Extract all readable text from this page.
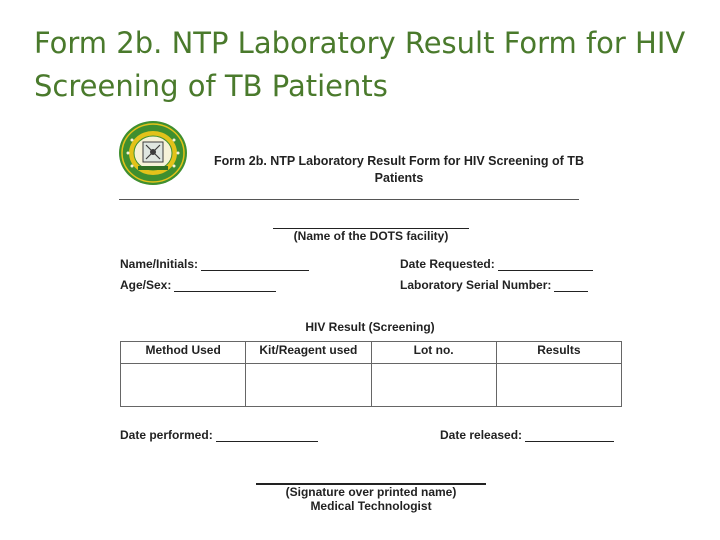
Form 2b. NTP Laboratory Result Form for HIV Screening of TB Patients
Form 2b. NTP Laboratory Result Form for HIV Screening of TB
Patients
(Name of the DOTS facility)
Name/Initials:	Date Requested:
Age/Sex:	Laboratory Serial Number:
HIV Result (Screening)
Method Used	Kit/Reagent used	Lot no.	Results

Date performed:	Date released:
(Signature over printed name)
Medical Technologist
